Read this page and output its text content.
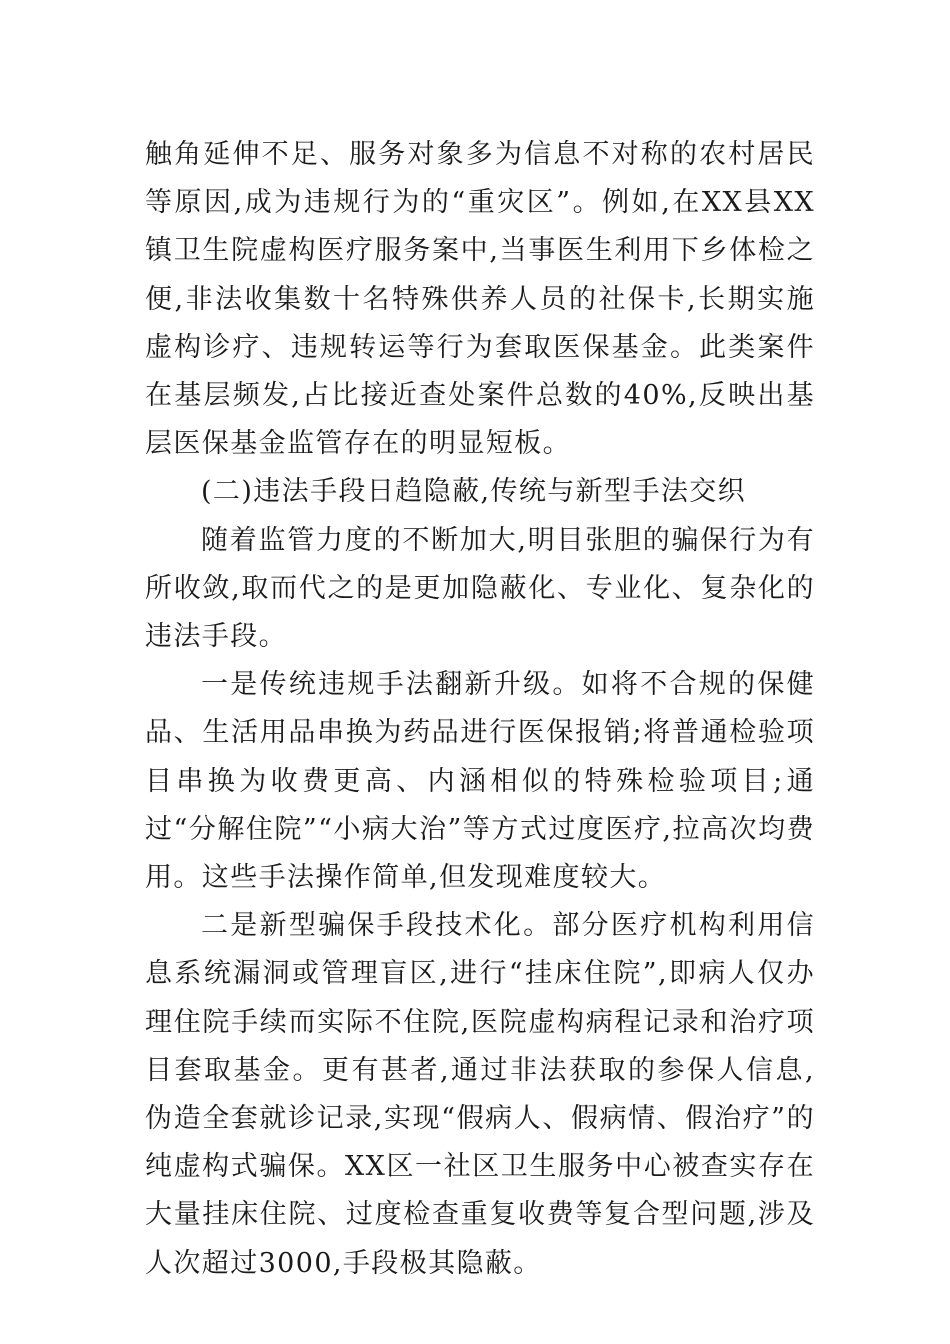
触角延伸不足、服务对象多为信息不对称的农村居民等原因,成为违规行为的“重灾区”。例如,在XX县XX镇卫生院虚构医疗服务案中,当事医生利用下乡体检之便,非法收集数十名特殊供养人员的社保卡,长期实施虚构诊疗、违规转运等行为套取医保基金。此类案件在基层频发,占比接近查处案件总数的40%,反映出基层医保基金监管存在的明显短板。

(二)违法手段日趋隐蔽,传统与新型手法交织

随着监管力度的不断加大,明目张胆的骗保行为有所收敛,取而代之的是更加隐蔽化、专业化、复杂化的违法手段。

一是传统违规手法翻新升级。如将不合规的保健品、生活用品串换为药品进行医保报销;将普通检验项目串换为收费更高、内涵相似的特殊检验项目;通过“分解住院”“小病大治”等方式过度医疗,拉高次均费用。这些手法操作简单,但发现难度较大。

二是新型骗保手段技术化。部分医疗机构利用信息系统漏洞或管理盲区,进行“挂床住院”,即病人仅办理住院手续而实际不住院,医院虚构病程记录和治疗项目套取基金。更有甚者,通过非法获取的参保人信息,伪造全套就诊记录,实现“假病人、假病情、假治疗”的纯虚构式骗保。XX区一社区卫生服务中心被查实存在大量挂床住院、过度检查重复收费等复合型问题,涉及人次超过3000,手段极其隐蔽。
